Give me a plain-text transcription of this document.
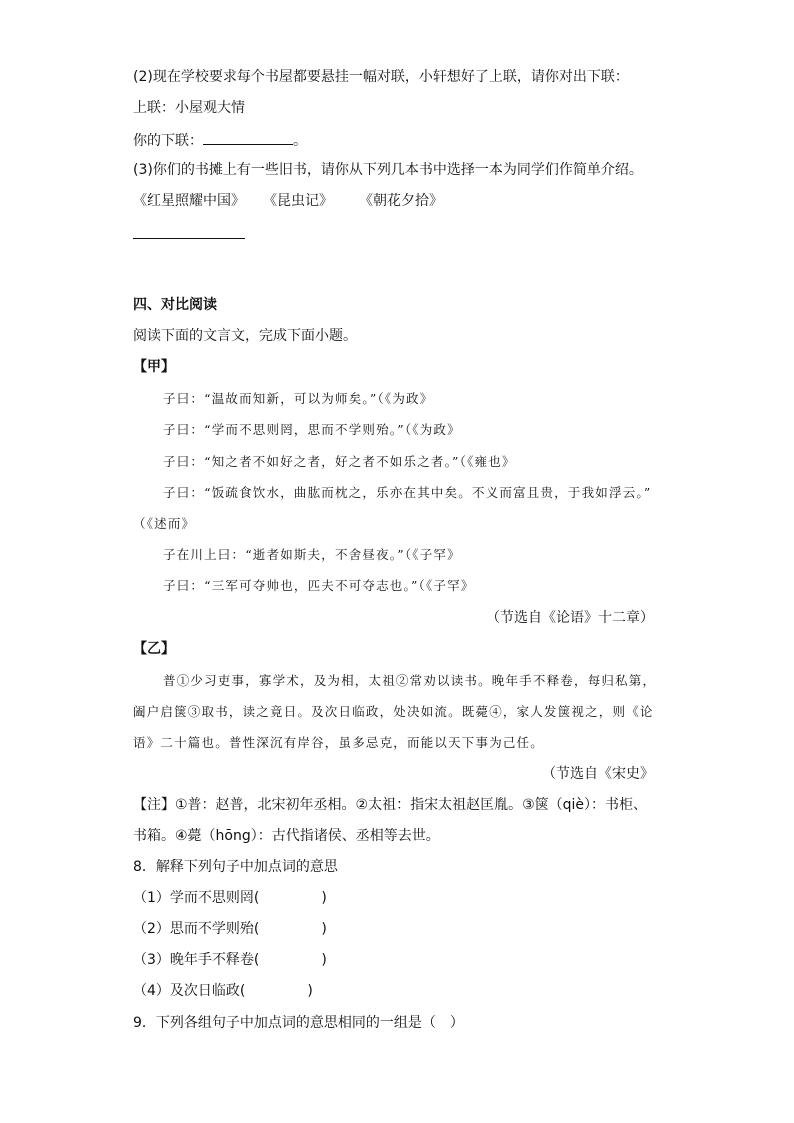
(2)现在学校要求每个书屋都要悬挂一幅对联，小轩想好了上联，请你对出下联：
上联：小屋观大情
你的下联：	。
(3)你们的书摊上有一些旧书，请你从下列几本书中选择一本为同学们作简单介绍。
《红星照耀中国》 《昆虫记》 《朝花夕拾》
四、对比阅读
阅读下面的文言文，完成下面小题。
【甲】
子曰：“温故而知新，可以为师矣。”（《为政》
子曰：“学而不思则罔，思而不学则殆。”（《为政》
子曰：“知之者不如好之者，好之者不如乐之者。”（《雍也》
子曰：“饭疏食饮水，曲肱而枕之，乐亦在其中矣。不义而富且贵，于我如浮云。”
（《述而》
子在川上曰：“逝者如斯夫，不舍昼夜。”（《子罕》
子曰：“三军可夺帅也，匹夫不可夺志也。”（《子罕》
（节选自《论语》十二章）
【乙】
普①少习吏事，寡学术，及为相，太祖②常劝以读书。晚年手不释卷，每归私第，
阖户启箧③取书，读之竟日。及次日临政，处决如流。既薨④，家人发箧视之，则《论
语》二十篇也。普性深沉有岸谷，虽多忌克，而能以天下事为己任。
（节选自《宋史》
【注】①普：赵普，北宋初年丞相。②太祖：指宋太祖赵匡胤。③箧（qiè）：书柜、
书箱。④薨（hōng）：古代指诸侯、丞相等去世。
8．解释下列句子中加点词的意思
（1）学而不思则罔(	)
（2）思而不学则殆(	)
（3）晚年手不释卷(	)
（4）及次日临政(	)
9．下列各组句子中加点词的意思相同的一组是（　）
